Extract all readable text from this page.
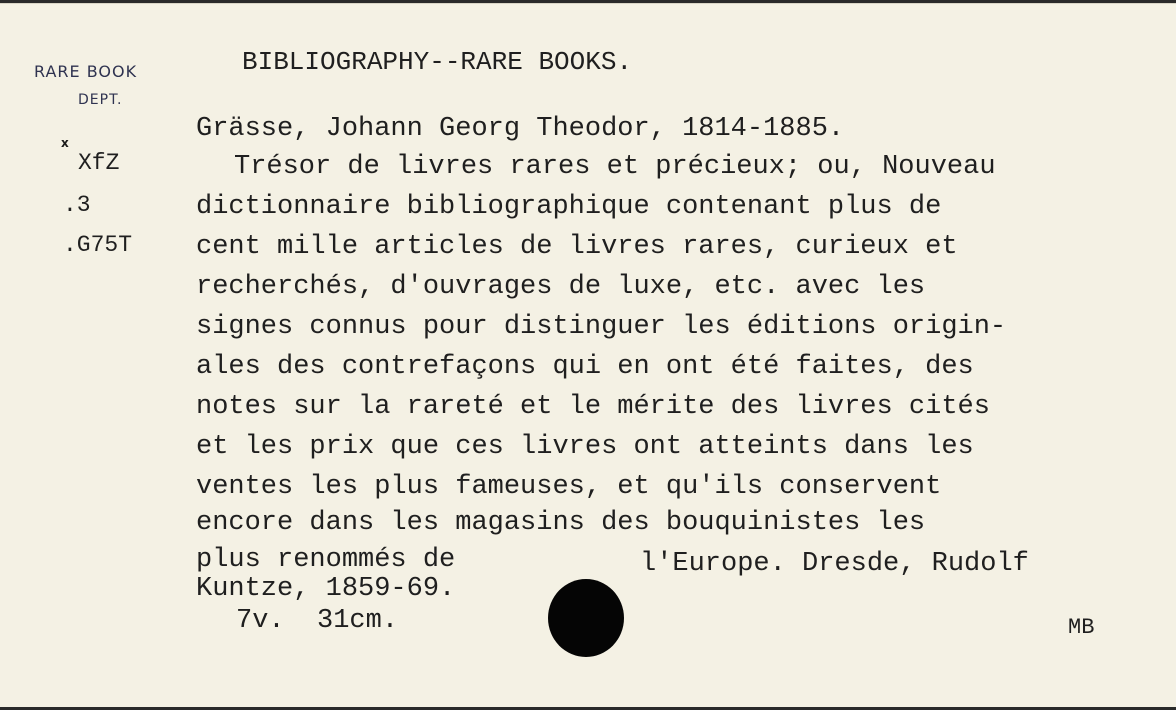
RARE BOOK
DEPT.
x
XfZ
.3
.G75T
BIBLIOGRAPHY--RARE BOOKS.
Grässe, Johann Georg Theodor, 1814-1885.
Trésor de livres rares et précieux; ou, Nouveau
dictionnaire bibliographique contenant plus de
cent mille articles de livres rares, curieux et
recherchés, d'ouvrages de luxe, etc. avec les
signes connus pour distinguer les éditions origin-
ales des contrefaçons qui en ont été faites, des
notes sur la rareté et le mérite des livres cités
et les prix que ces livres ont atteints dans les
ventes les plus fameuses, et qu'ils conservent
encore dans les magasins des bouquinistes les
plus renommés de	l'Europe. Dresde, Rudolf
Kuntze, 1859-69.
7v.  31cm.	MB
